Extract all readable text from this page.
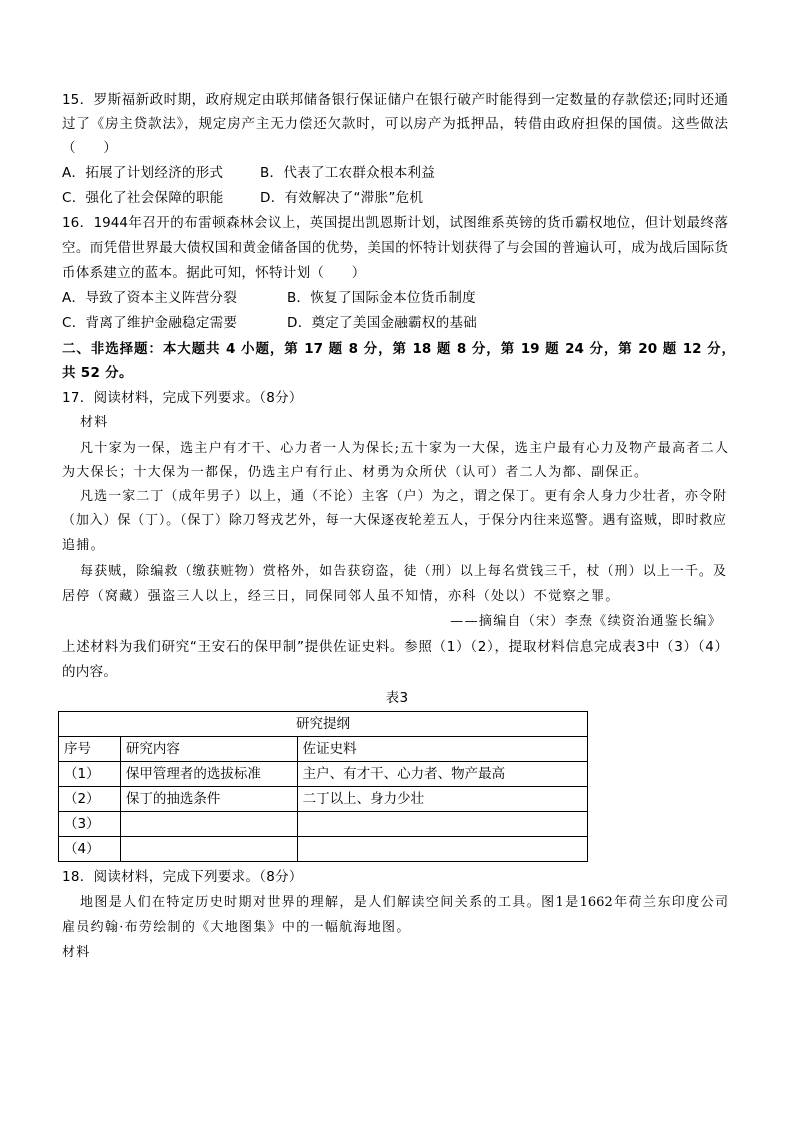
15．罗斯福新政时期，政府规定由联邦储备银行保证储户在银行破产时能得到一定数量的存款偿还;同时还通
过了《房主贷款法》，规定房产主无力偿还欠款时，可以房产为抵押品，转借由政府担保的国债。这些做法
（　　）
A．拓展了计划经济的形式	B．代表了工农群众根本利益
C．强化了社会保障的职能	D．有效解决了“滞胀”危机
16．1944年召开的布雷顿森林会议上，英国提出凯恩斯计划，试图维系英镑的货币霸权地位，但计划最终落
空。而凭借世界最大债权国和黄金储备国的优势，美国的怀特计划获得了与会国的普遍认可，成为战后国际货
币体系建立的蓝本。据此可知，怀特计划（　　）
A．导致了资本主义阵营分裂	B．恢复了国际金本位货币制度
C．背离了维护金融稳定需要	D．奠定了美国金融霸权的基础
二、非选择题：本大题共 4 小题，第 17 题 8 分，第 18 题 8 分，第 19 题 24 分，第 20 题 12 分，
共 52 分。
17．阅读材料，完成下列要求。（8分）
材料
凡十家为一保，选主户有才干、心力者一人为保长;五十家为一大保，选主户最有心力及物产最高者二人
为大保长；十大保为一都保，仍选主户有行止、材勇为众所伏（认可）者二人为都、副保正。
凡选一家二丁（成年男子）以上，通（不论）主客（户）为之，谓之保丁。更有余人身力少壮者，亦令附
（加入）保（丁）。（保丁）除刀弩戎艺外，每一大保逐夜轮差五人，于保分内往来巡警。遇有盗贼，即时救应
追捕。
每获贼，除编救（缴获赃物）赏格外，如告获窃盗，徒（刑）以上每名赏钱三千，杖（刑）以上一千。及
居停（窝藏）强盗三人以上，经三日，同保同邻人虽不知情，亦科（处以）不觉察之罪。
——摘编自（宋）李焘《续资治通鉴长编》
上述材料为我们研究“王安石的保甲制”提供佐证史料。参照（1）（2），提取材料信息完成表3中（3）（4）
的内容。
表3
研究提纲		
序号	研究内容	佐证史料
（1）	保甲管理者的选拔标准	主户、有才干、心力者、物产最高
（2）	保丁的抽选条件	二丁以上、身力少壮
（3）		
（4）		
18．阅读材料，完成下列要求。（8分）
地图是人们在特定历史时期对世界的理解，是人们解读空间关系的工具。图1是1662年荷兰东印度公司
雇员约翰·布劳绘制的《大地图集》中的一幅航海地图。
材料
